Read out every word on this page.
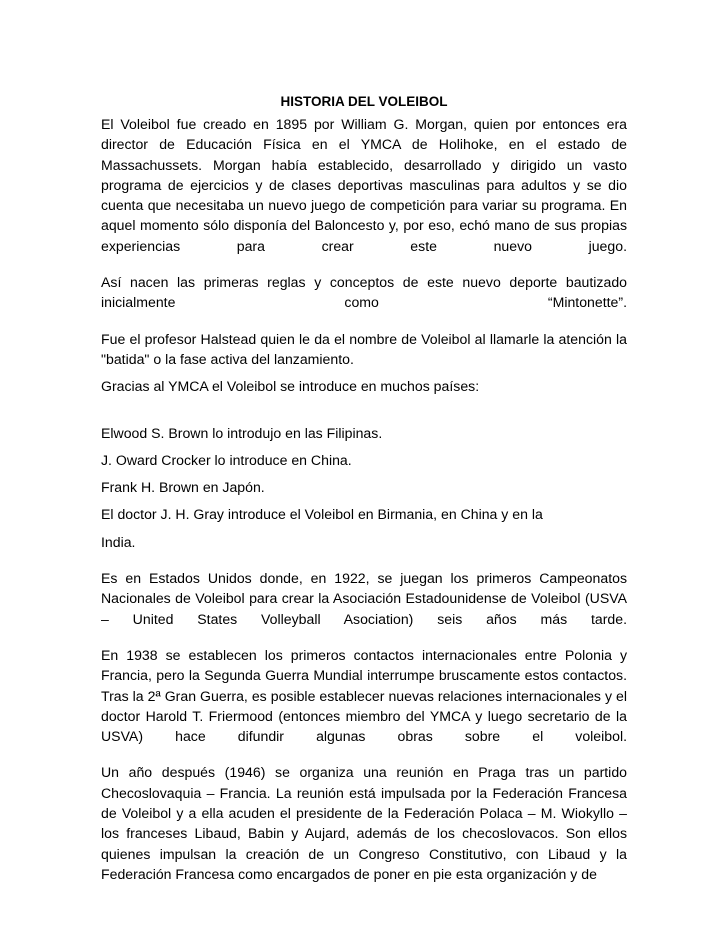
HISTORIA DEL VOLEIBOL

El Voleibol fue creado en 1895 por William G. Morgan, quien por entonces era director de Educación Física en el YMCA de Holihoke, en el estado de Massachussets. Morgan había establecido, desarrollado y dirigido un vasto programa de ejercicios y de clases deportivas masculinas para adultos y se dio cuenta que necesitaba un nuevo juego de competición para variar su programa. En aquel momento sólo disponía del Baloncesto y, por eso, echó mano de sus propias experiencias para crear este nuevo juego.

Así nacen las primeras reglas y conceptos de este nuevo deporte bautizado inicialmente como “Mintonette”.

Fue el profesor Halstead quien le da el nombre de Voleibol al llamarle la atención la "batida" o la fase activa del lanzamiento.

Gracias al YMCA el Voleibol se introduce en muchos países:

Elwood S. Brown lo introdujo en las Filipinas.

J. Oward Crocker lo introduce en China.

Frank H. Brown en Japón.

El doctor J. H. Gray introduce el Voleibol en Birmania, en China y en la

India.

Es en Estados Unidos donde, en 1922, se juegan los primeros Campeonatos Nacionales de Voleibol para crear la Asociación Estadounidense de Voleibol (USVA – United States Volleyball Asociation) seis años más tarde.

En 1938 se establecen los primeros contactos internacionales entre Polonia y Francia, pero la Segunda Guerra Mundial interrumpe bruscamente estos contactos. Tras la 2ª Gran Guerra, es posible establecer nuevas relaciones internacionales y el doctor Harold T. Friermood (entonces miembro del YMCA y luego secretario de la USVA) hace difundir algunas obras sobre el voleibol.

Un año después (1946) se organiza una reunión en Praga tras un partido Checoslovaquia – Francia. La reunión está impulsada por la Federación Francesa de Voleibol y a ella acuden el presidente de la Federación Polaca – M. Wiokyllo – los franceses Libaud, Babin y Aujard, además de los checoslovacos. Son ellos quienes impulsan la creación de un Congreso Constitutivo, con Libaud y la Federación Francesa como encargados de poner en pie esta organización y de
